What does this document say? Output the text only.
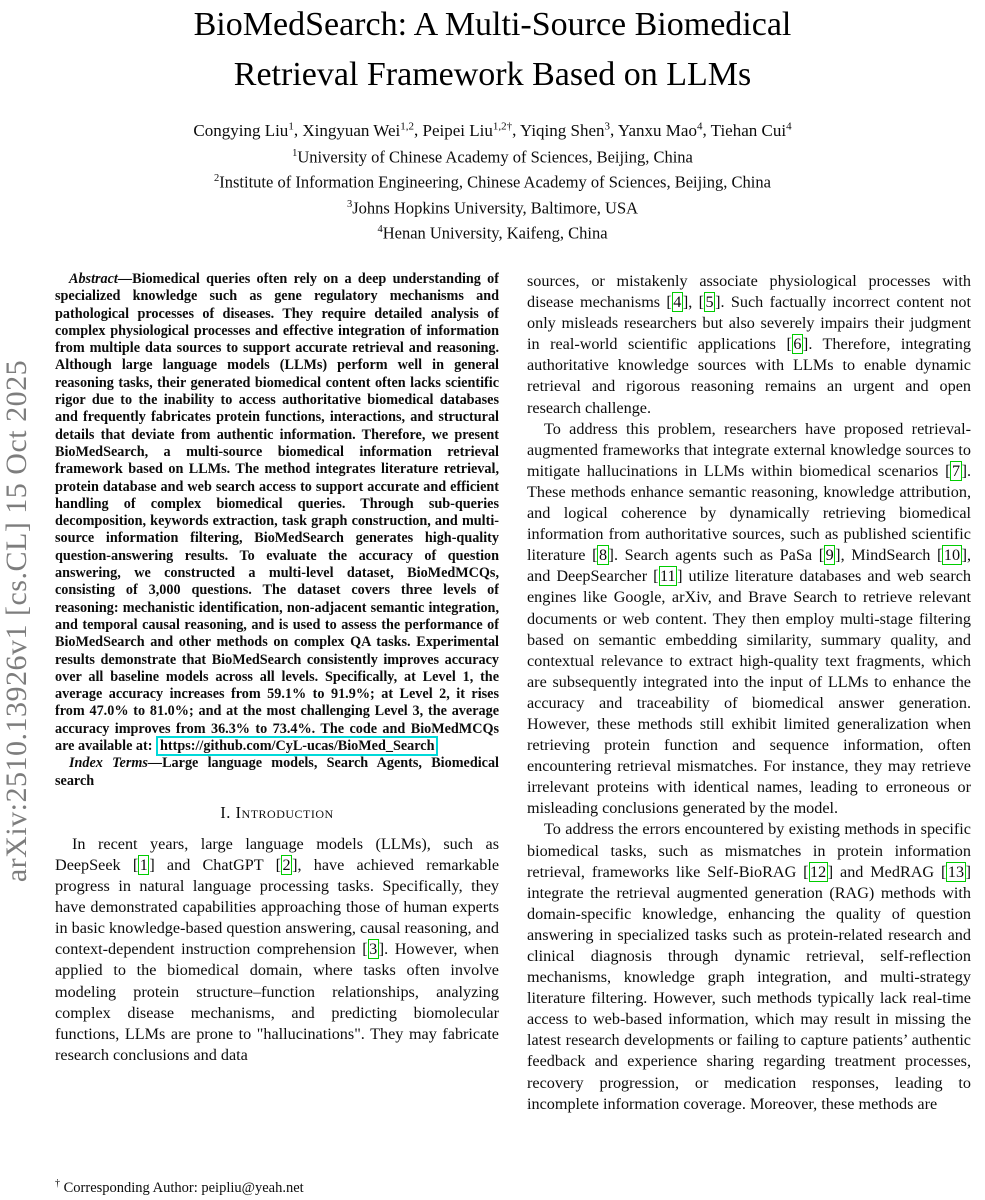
arXiv:2510.13926v1 [cs.CL] 15 Oct 2025
BioMedSearch: A Multi-Source Biomedical
Retrieval Framework Based on LLMs
Congying Liu$^1$, Xingyuan Wei$^{1,2}$, Peipei Liu$^{1,2\dagger}$, Yiqing Shen$^3$, Yanxu Mao$^4$, Tiehan Cui$^4$
$^1$University of Chinese Academy of Sciences, Beijing, China
$^2$Institute of Information Engineering, Chinese Academy of Sciences, Beijing, China
$^3$Johns Hopkins University, Baltimore, USA
$^4$Henan University, Kaifeng, China

Abstract—Biomedical queries often rely on a deep understanding of specialized knowledge such as gene regulatory mechanisms and pathological processes of diseases. They require detailed analysis of complex physiological processes and effective integration of information from multiple data sources to support accurate retrieval and reasoning. Although large language models (LLMs) perform well in general reasoning tasks, their generated biomedical content often lacks scientific rigor due to the inability to access authoritative biomedical databases and frequently fabricates protein functions, interactions, and structural details that deviate from authentic information. Therefore, we present BioMedSearch, a multi-source biomedical information retrieval framework based on LLMs. The method integrates literature retrieval, protein database and web search access to support accurate and efficient handling of complex biomedical queries. Through sub-queries decomposition, keywords extraction, task graph construction, and multi-source information filtering, BioMedSearch generates high-quality question-answering results. To evaluate the accuracy of question answering, we constructed a multi-level dataset, BioMedMCQs, consisting of 3,000 questions. The dataset covers three levels of reasoning: mechanistic identification, non-adjacent semantic integration, and temporal causal reasoning, and is used to assess the performance of BioMedSearch and other methods on complex QA tasks. Experimental results demonstrate that BioMedSearch consistently improves accuracy over all baseline models across all levels. Specifically, at Level 1, the average accuracy increases from 59.1% to 91.9%; at Level 2, it rises from 47.0% to 81.0%; and at the most challenging Level 3, the average accuracy improves from 36.3% to 73.4%. The code and BioMedMCQs are available at: https://github.com/CyL-ucas/BioMed_Search

Index Terms—Large language models, Search Agents, Biomedical search

I. Introduction

In recent years, large language models (LLMs), such as DeepSeek [1] and ChatGPT [2], have achieved remarkable progress in natural language processing tasks. Specifically, they have demonstrated capabilities approaching those of human experts in basic knowledge-based question answering, causal reasoning, and context-dependent instruction comprehension [3]. However, when applied to the biomedical domain, where tasks often involve modeling protein structure–function relationships, analyzing complex disease mechanisms, and predicting biomolecular functions, LLMs are prone to "hallucinations". They may fabricate research conclusions and data

sources, or mistakenly associate physiological processes with disease mechanisms [4], [5]. Such factually incorrect content not only misleads researchers but also severely impairs their judgment in real-world scientific applications [6]. Therefore, integrating authoritative knowledge sources with LLMs to enable dynamic retrieval and rigorous reasoning remains an urgent and open research challenge.

To address this problem, researchers have proposed retrieval-augmented frameworks that integrate external knowledge sources to mitigate hallucinations in LLMs within biomedical scenarios [7]. These methods enhance semantic reasoning, knowledge attribution, and logical coherence by dynamically retrieving biomedical information from authoritative sources, such as published scientific literature [8]. Search agents such as PaSa [9], MindSearch [10], and DeepSearcher [11] utilize literature databases and web search engines like Google, arXiv, and Brave Search to retrieve relevant documents or web content. They then employ multi-stage filtering based on semantic embedding similarity, summary quality, and contextual relevance to extract high-quality text fragments, which are subsequently integrated into the input of LLMs to enhance the accuracy and traceability of biomedical answer generation. However, these methods still exhibit limited generalization when retrieving protein function and sequence information, often encountering retrieval mismatches. For instance, they may retrieve irrelevant proteins with identical names, leading to erroneous or misleading conclusions generated by the model.

To address the errors encountered by existing methods in specific biomedical tasks, such as mismatches in protein information retrieval, frameworks like Self-BioRAG [12] and MedRAG [13] integrate the retrieval augmented generation (RAG) methods with domain-specific knowledge, enhancing the quality of question answering in specialized tasks such as protein-related research and clinical diagnosis through dynamic retrieval, self-reflection mechanisms, knowledge graph integration, and multi-strategy literature filtering. However, such methods typically lack real-time access to web-based information, which may result in missing the latest research developments or failing to capture patients’ authentic feedback and experience sharing regarding treatment processes, recovery progression, or medication responses, leading to incomplete information coverage. Moreover, these methods are

† Corresponding Author: peipliu@yeah.net
